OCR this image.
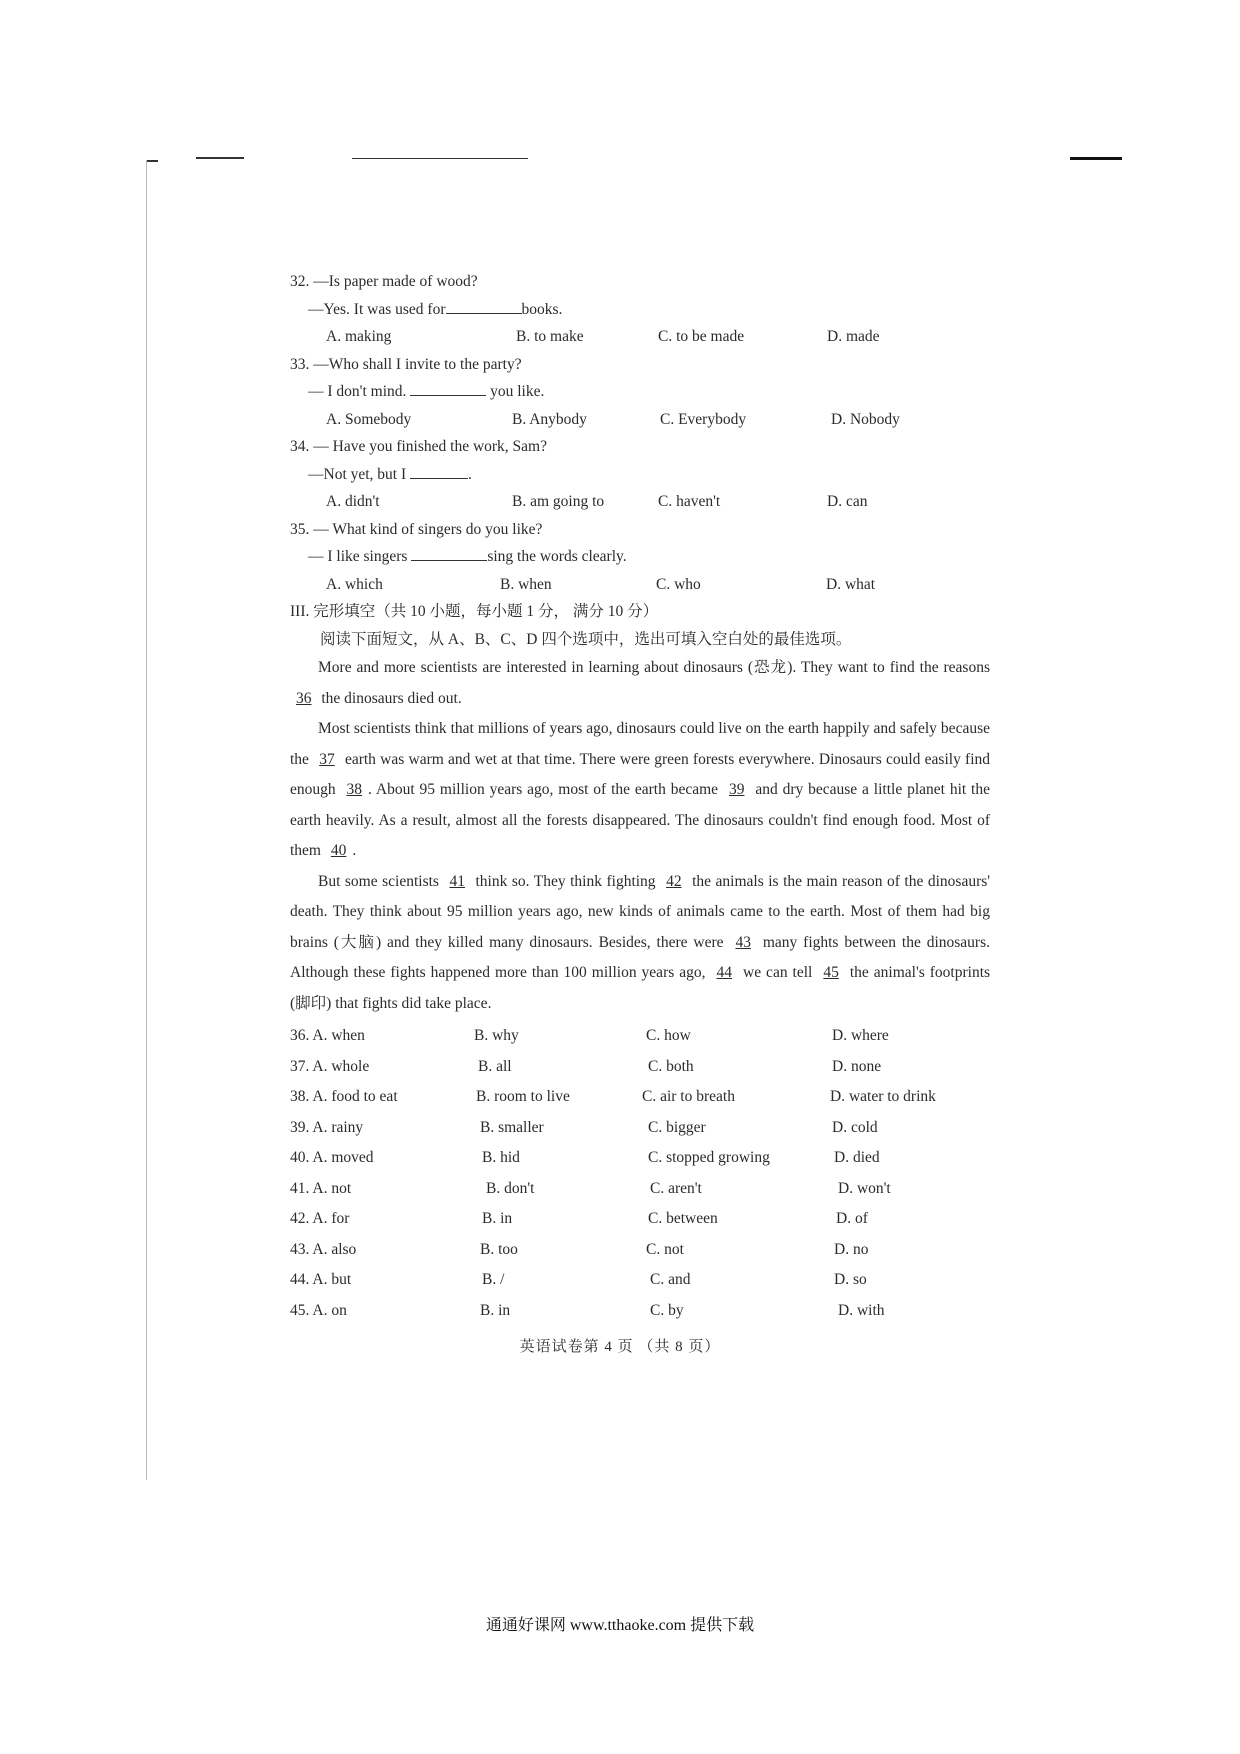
32. —Is paper made of wood?
—Yes. It was used for	books.
A. making	B. to make	C. to be made	D. made
33. —Who shall I invite to the party?
— I don't mind.	you like.
A. Somebody	B. Anybody	C. Everybody	D. Nobody
34. — Have you finished the work, Sam?
—Not yet, but I	.
A. didn't	B. am going to	C. haven't	D. can
35. — What kind of singers do you like?
— I like singers	sing the words clearly.
A. which	B. when	C. who	D. what
III. 完形填空（共 10 小题，每小题 1 分， 满分 10 分）
阅读下面短文，从 A、B、C、D 四个选项中，选出可填入空白处的最佳选项。

More and more scientists are interested in learning about dinosaurs (恐龙). They want to find the reasons 36 the dinosaurs died out.

Most scientists think that millions of years ago, dinosaurs could live on the earth happily and safely because the 37 earth was warm and wet at that time. There were green forests everywhere. Dinosaurs could easily find enough 38 . About 95 million years ago, most of the earth became 39 and dry because a little planet hit the earth heavily. As a result, almost all the forests disappeared. The dinosaurs couldn't find enough food. Most of them 40 .

But some scientists 41 think so. They think fighting 42 the animals is the main reason of the dinosaurs' death. They think about 95 million years ago, new kinds of animals came to the earth. Most of them had big brains (大脑) and they killed many dinosaurs. Besides, there were 43 many fights between the dinosaurs. Although these fights happened more than 100 million years ago, 44 we can tell 45 the animal's footprints (脚印) that fights did take place.

36. A. when	B. why	C. how	D. where
37. A. whole	B. all	C. both	D. none
38. A. food to eat	B. room to live	C. air to breath	D. water to drink
39. A. rainy	B. smaller	C. bigger	D. cold
40. A. moved	B. hid	C. stopped growing	D. died
41. A. not	B. don't	C. aren't	D. won't
42. A. for	B. in	C. between	D. of
43. A. also	B. too	C. not	D. no
44. A. but	B. /	C. and	D. so
45. A. on	B. in	C. by	D. with
英语试卷第 4 页 （共 8 页）
通通好课网 www.tthaoke.com 提供下载
